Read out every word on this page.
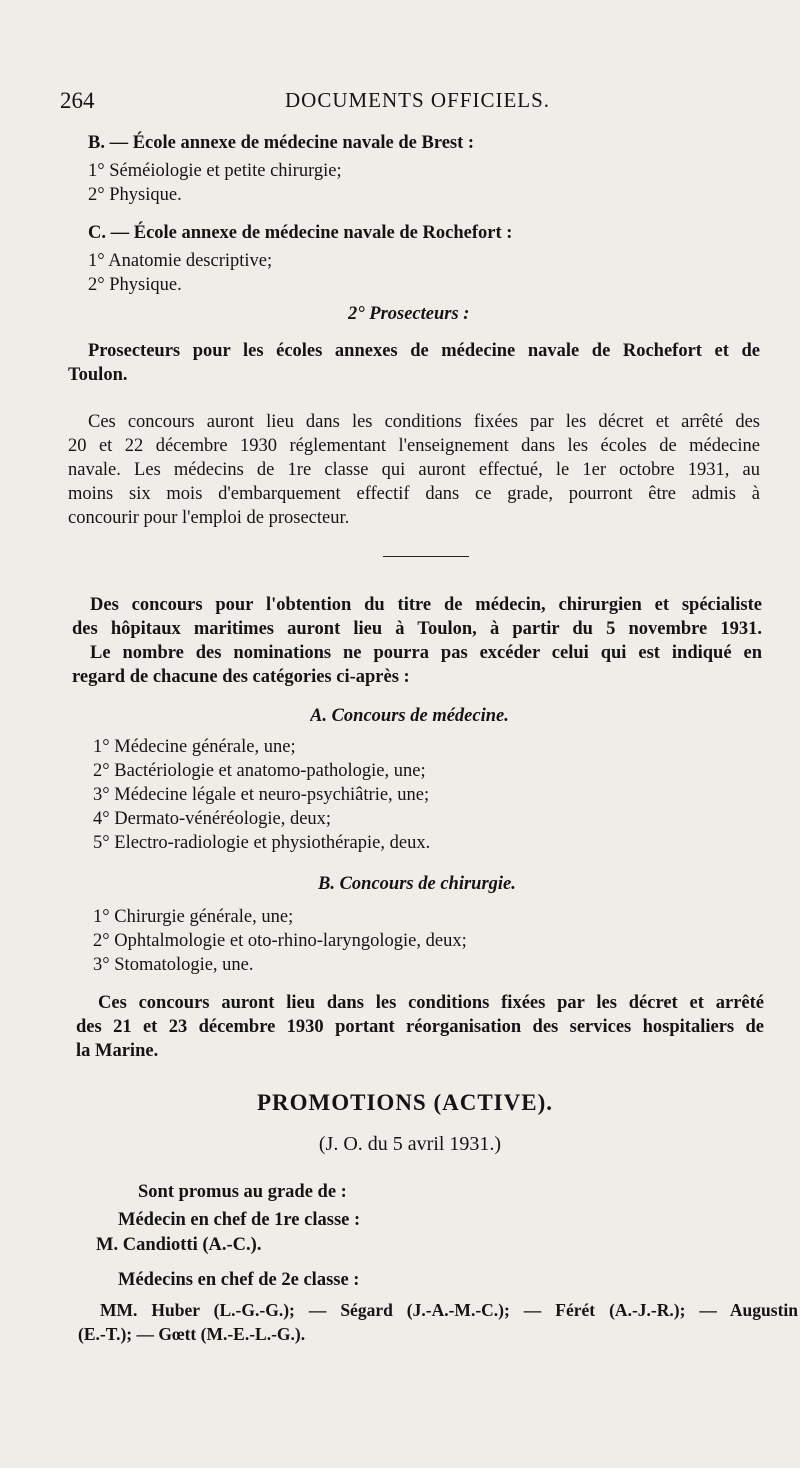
264	DOCUMENTS OFFICIELS.

B. — École annexe de médecine navale de Brest :

1° Séméiologie et petite chirurgie;

2° Physique.

C. — École annexe de médecine navale de Rochefort :

1° Anatomie descriptive;

2° Physique.

2° Prosecteurs :

Prosecteurs pour les écoles annexes de médecine navale de Rochefort et de

Toulon.

Ces concours auront lieu dans les conditions fixées par les décret et arrêté des

20 et 22 décembre 1930 réglementant l'enseignement dans les écoles de médecine

navale. Les médecins de 1re classe qui auront effectué, le 1er octobre 1931, au

moins six mois d'embarquement effectif dans ce grade, pourront être admis à

concourir pour l'emploi de prosecteur.

Des concours pour l'obtention du titre de médecin, chirurgien et spécialiste

des hôpitaux maritimes auront lieu à Toulon, à partir du 5 novembre 1931.

Le nombre des nominations ne pourra pas excéder celui qui est indiqué en

regard de chacune des catégories ci-après :

A. Concours de médecine.

1° Médecine générale, une;

2° Bactériologie et anatomo-pathologie, une;

3° Médecine légale et neuro-psychiâtrie, une;

4° Dermato-vénéréologie, deux;

5° Electro-radiologie et physiothérapie, deux.

B. Concours de chirurgie.

1° Chirurgie générale, une;

2° Ophtalmologie et oto-rhino-laryngologie, deux;

3° Stomatologie, une.

Ces concours auront lieu dans les conditions fixées par les décret et arrêté

des 21 et 23 décembre 1930 portant réorganisation des services hospitaliers de

la Marine.

PROMOTIONS (ACTIVE).

(J. O. du 5 avril 1931.)

Sont promus au grade de :

Médecin en chef de 1re classe :

M. Candiotti (A.-C.).

Médecins en chef de 2e classe :

MM. Huber (L.-G.-G.); — Ségard (J.-A.-M.-C.); — Férét (A.-J.-R.); — Augustin

(E.-T.); — Gœtt (M.-E.-L.-G.).
